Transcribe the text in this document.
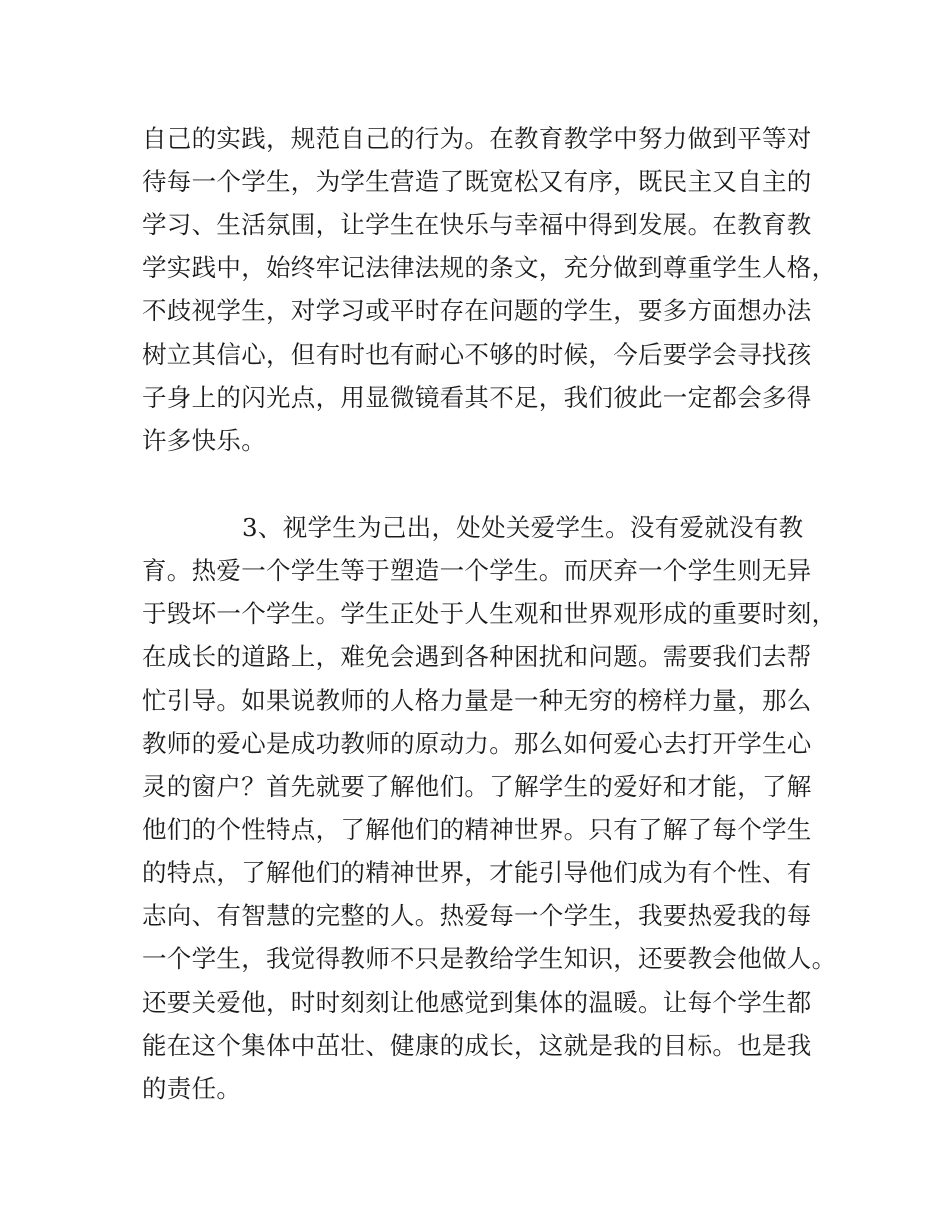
自己的实践，规范自己的行为。在教育教学中努力做到平等对
待每一个学生，为学生营造了既宽松又有序，既民主又自主的
学习、生活氛围，让学生在快乐与幸福中得到发展。在教育教
学实践中，始终牢记法律法规的条文，充分做到尊重学生人格，
不歧视学生，对学习或平时存在问题的学生，要多方面想办法
树立其信心，但有时也有耐心不够的时候，今后要学会寻找孩
子身上的闪光点，用显微镜看其不足，我们彼此一定都会多得
许多快乐。
3、视学生为己出，处处关爱学生。没有爱就没有教
育。热爱一个学生等于塑造一个学生。而厌弃一个学生则无异
于毁坏一个学生。学生正处于人生观和世界观形成的重要时刻，
在成长的道路上，难免会遇到各种困扰和问题。需要我们去帮
忙引导。如果说教师的人格力量是一种无穷的榜样力量，那么
教师的爱心是成功教师的原动力。那么如何爱心去打开学生心
灵的窗户？首先就要了解他们。了解学生的爱好和才能，了解
他们的个性特点，了解他们的精神世界。只有了解了每个学生
的特点，了解他们的精神世界，才能引导他们成为有个性、有
志向、有智慧的完整的人。热爱每一个学生，我要热爱我的每
一个学生，我觉得教师不只是教给学生知识，还要教会他做人。
还要关爱他，时时刻刻让他感觉到集体的温暖。让每个学生都
能在这个集体中茁壮、健康的成长，这就是我的目标。也是我
的责任。
